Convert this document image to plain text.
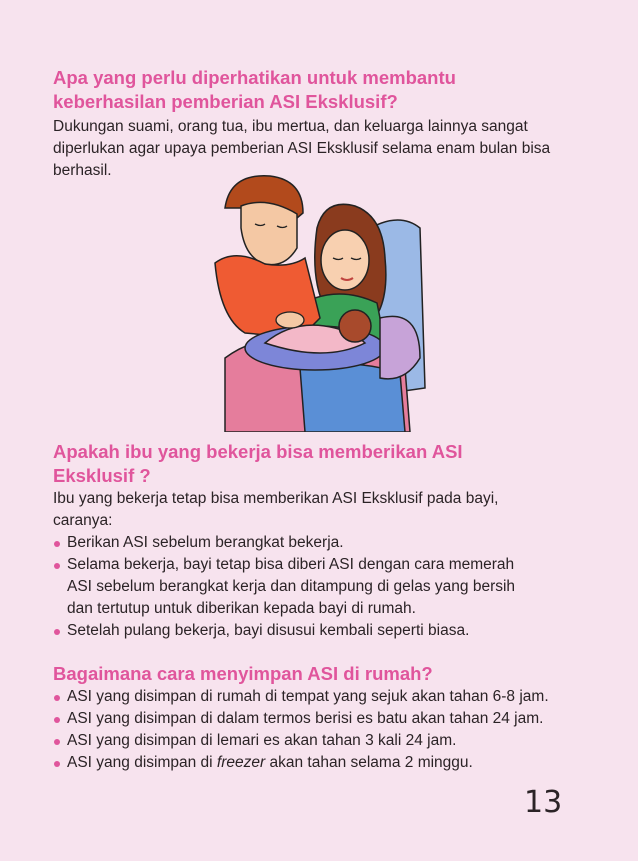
Apa yang perlu diperhatikan untuk membantu
keberhasilan pemberian ASI Eksklusif?

Dukungan suami, orang tua, ibu mertua, dan keluarga lainnya sangat
diperlukan agar upaya pemberian ASI Eksklusif selama enam bulan bisa
berhasil.

Apakah ibu yang bekerja bisa memberikan ASI
Eksklusif ?

Ibu yang bekerja tetap bisa memberikan ASI Eksklusif pada bayi,
caranya:

Berikan ASI sebelum berangkat bekerja.
Selama bekerja, bayi tetap bisa diberi ASI dengan cara memerah
ASI sebelum berangkat kerja dan ditampung di gelas yang bersih
dan tertutup untuk diberikan kepada bayi di rumah.
Setelah pulang bekerja, bayi disusui kembali seperti biasa.
Bagaimana cara menyimpan ASI di rumah?
ASI yang disimpan di rumah di tempat yang sejuk akan tahan 6-8 jam.
ASI yang disimpan di dalam termos berisi es batu akan tahan 24 jam.
ASI yang disimpan di lemari es akan tahan 3 kali 24 jam.
ASI yang disimpan di freezer akan tahan selama 2 minggu.
13
